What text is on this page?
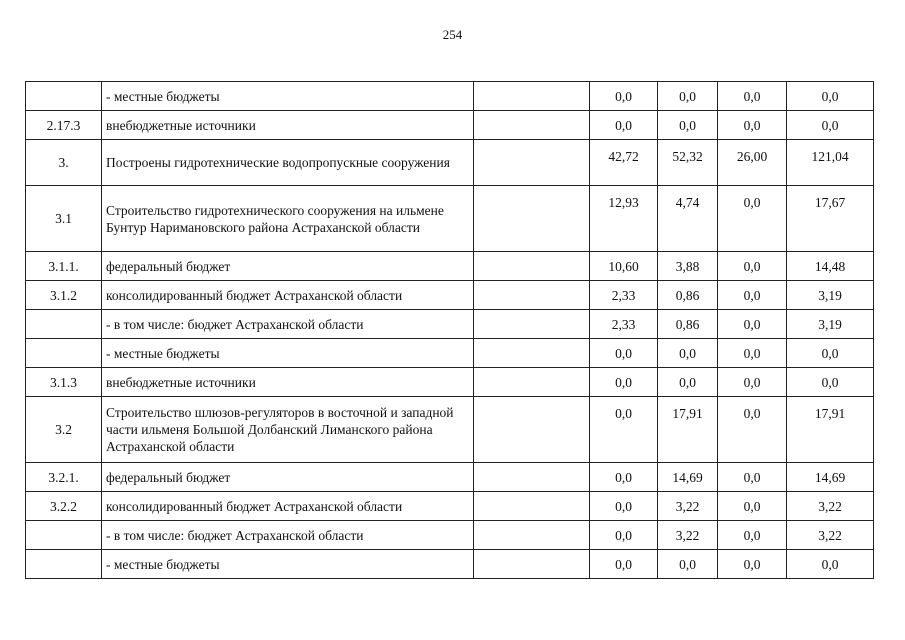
254
	- местные бюджеты		0,0	0,0	0,0	0,0
2.17.3	внебюджетные источники		0,0	0,0	0,0	0,0
3.	Построены гидротехнические водопропускные сооружения		42,72	52,32	26,00	121,04
3.1	Строительство гидротехнического сооружения на ильмене Бунтур Наримановского района Астраханской области		12,93	4,74	0,0	17,67
3.1.1.	федеральный бюджет		10,60	3,88	0,0	14,48
3.1.2	консолидированный бюджет Астраханской области		2,33	0,86	0,0	3,19
	- в том числе: бюджет Астраханской области		2,33	0,86	0,0	3,19
	- местные бюджеты		0,0	0,0	0,0	0,0
3.1.3	внебюджетные источники		0,0	0,0	0,0	0,0
3.2	Строительство шлюзов-регуляторов в восточной и западной части ильменя Большой Долбанский Лиманского района Астраханской области		0,0	17,91	0,0	17,91
3.2.1.	федеральный бюджет		0,0	14,69	0,0	14,69
3.2.2	консолидированный бюджет Астраханской области		0,0	3,22	0,0	3,22
	- в том числе: бюджет Астраханской области		0,0	3,22	0,0	3,22
	- местные бюджеты		0,0	0,0	0,0	0,0
